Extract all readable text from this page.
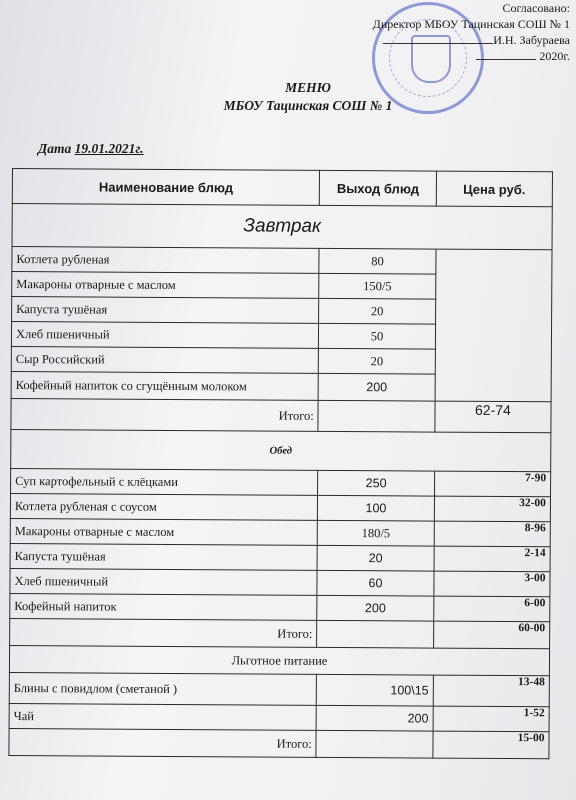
Согласовано:
Директор МБОУ Тацинская СОШ № 1
И.Н. Забураева
2020г.
МЕНЮ
МБОУ Тацинская СОШ № 1
Дата 19.01.2021г.
Наименование блюд	Выход блюд	Цена руб.
Завтрак		
Котлета рубленая	80	
Макароны отварные с маслом	150/5	
Капуста тушёная	20	
Хлеб пшеничный	50	
Сыр Российский	20	
Кофейный напиток со сгущённым молоком	200	
Итого:		62-74
Обед		
Суп картофельный с клёцками	250	7-90
Котлета рубленая с соусом	100	32-00
Макароны отварные с маслом	180/5	8-96
Капуста тушёная	20	2-14
Хлеб пшеничный	60	3-00
Кофейный напиток	200	6-00
Итого:		60-00
Льготное питание		
Блины с повидлом (сметаной )	100\15	13-48
Чай	200	1-52
Итого:		15-00
